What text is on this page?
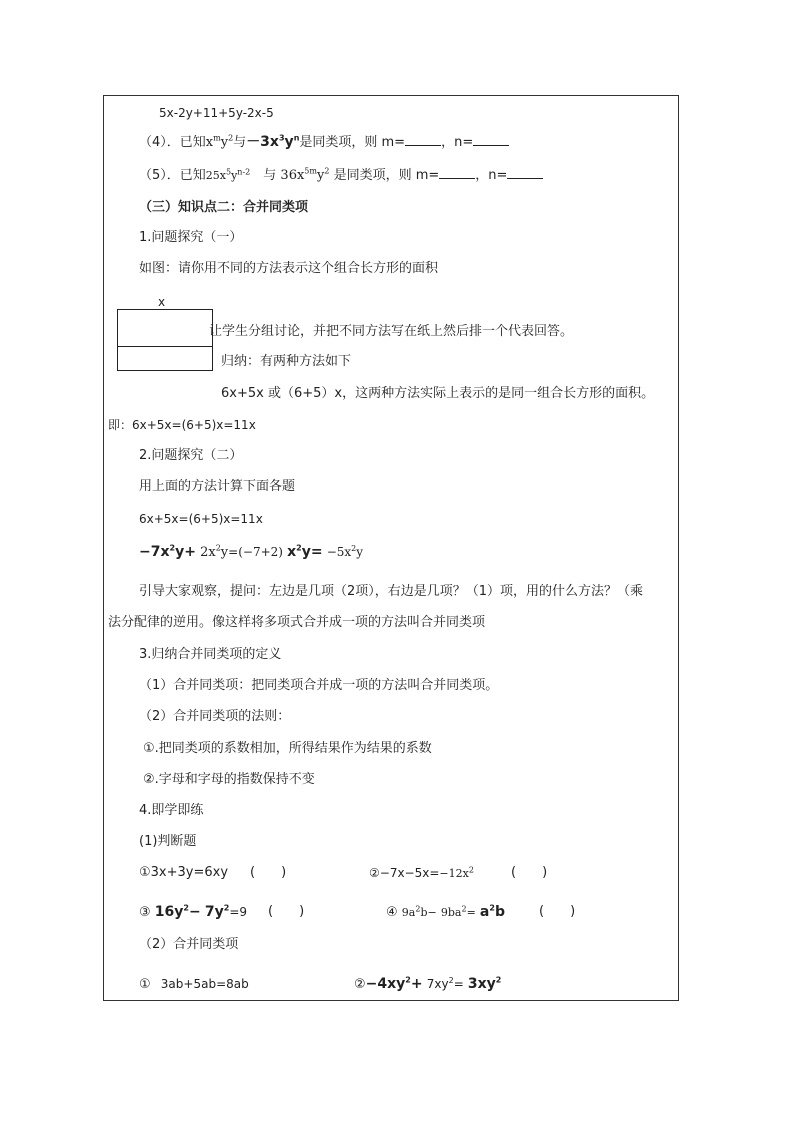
5x-2y+11+5y-2x-5
（4）．已知$x^my^2$与$-3x^3y^n$是同类项，则 m=	，n=
（5）．已知$25x^5y^{n-2}$　 与 $36x^{5m}y^2$ 是同类项，则 m=	，n=
（三）知识点二：合并同类项
1.问题探究（一）
如图：请你用不同的方法表示这个组合长方形的面积
x
让学生分组讨论，并把不同方法写在纸上然后排一个代表回答。
归纳：有两种方法如下
6x+5x 或（6+5）x，这两种方法实际上表示的是同一组合长方形的面积。
即：6x+5x=(6+5)x=11x
2.问题探究（二）
用上面的方法计算下面各题
6x+5x=(6+5)x=11x
$-7x^2y+ 2x^2y=(-7+2)$ $x^2y= -5x^2y$
引导大家观察，提问：左边是几项（2项），右边是几项？（1）项，用的什么方法？（乘
法分配律的逆用。像这样将多项式合并成一项的方法叫合并同类项
3.归纳合并同类项的定义
（1）合并同类项：把同类项合并成一项的方法叫合并同类项。
（2）合并同类项的法则：
①.把同类项的系数相加，所得结果作为结果的系数
②.字母和字母的指数保持不变
4.即学即练
(1)判断题
①3x+3y=6xy (　　)	$②-7x-5x=-12x^2$	(　　)
③ $16y^2- 7y^2=9$ (　　)	④ $9a^2b- 9ba^2= a^2b$	(　　)
（2）合并同类项
① 3ab+5ab=8ab	$②-4xy^2+ 7xy^2= 3xy^2$
